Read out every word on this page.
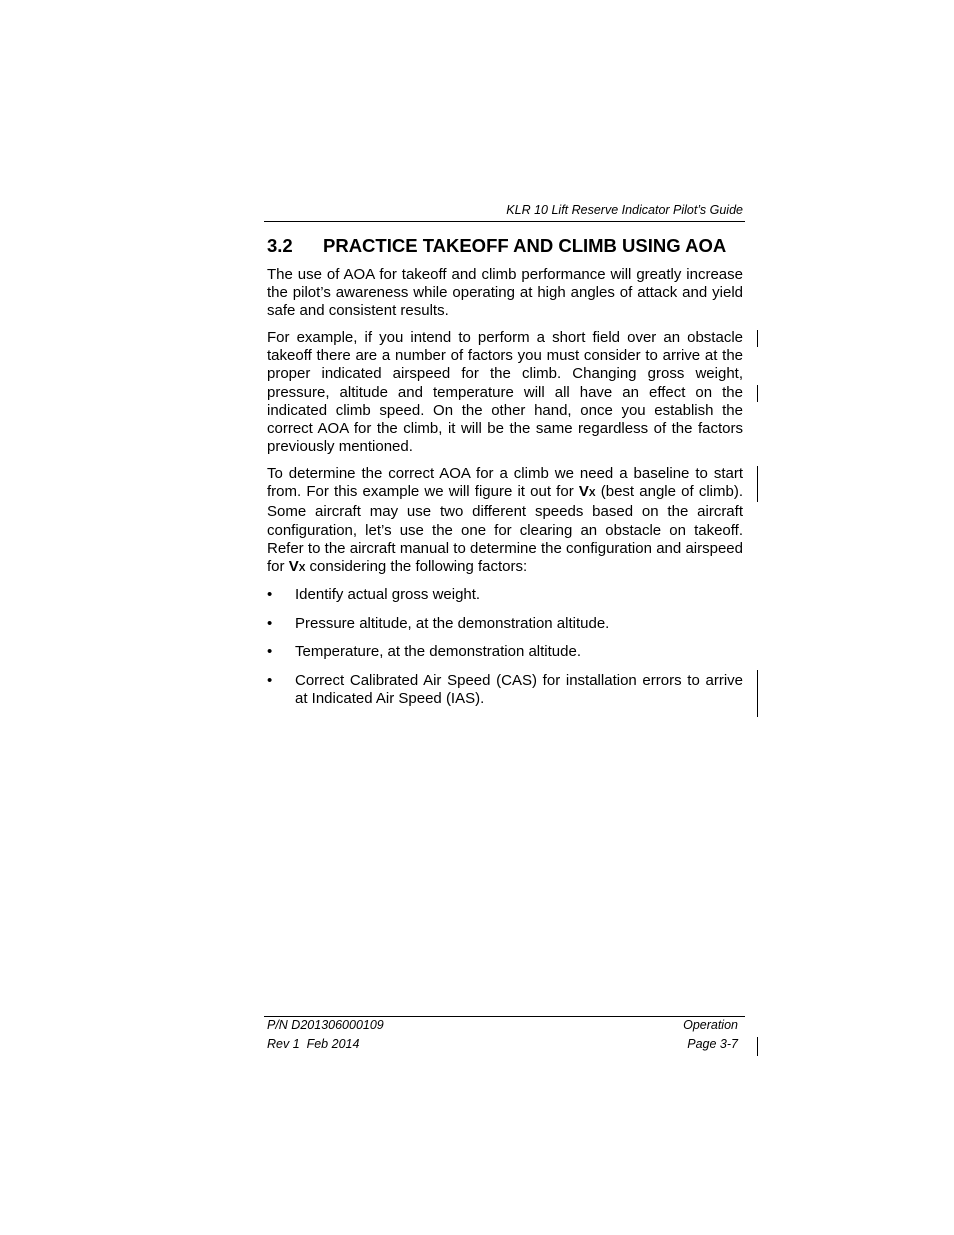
KLR 10 Lift Reserve Indicator Pilot’s Guide
3.2 PRACTICE TAKEOFF AND CLIMB USING AOA

The use of AOA for takeoff and climb performance will greatly increase the pilot’s awareness while operating at high angles of attack and yield safe and consistent results.

For example, if you intend to perform a short field over an obstacle takeoff there are a number of factors you must consider to arrive at the proper indicated airspeed for the climb. Changing gross weight, pressure, altitude and temperature will all have an effect on the indicated climb speed. On the other hand, once you establish the correct AOA for the climb, it will be the same regardless of the factors previously mentioned.

To determine the correct AOA for a climb we need a baseline to start from. For this example we will figure it out for VX (best angle of climb). Some aircraft may use two different speeds based on the aircraft configuration, let’s use the one for clearing an obstacle on takeoff. Refer to the aircraft manual to determine the configuration and airspeed for VX considering the following factors:

• Identify actual gross weight.
• Pressure altitude, at the demonstration altitude.
• Temperature, at the demonstration altitude.
• Correct Calibrated Air Speed (CAS) for installation errors to arrive at Indicated Air Speed (IAS).
P/N D201306000109
Rev 1  Feb 2014
Operation
Page 3-7
